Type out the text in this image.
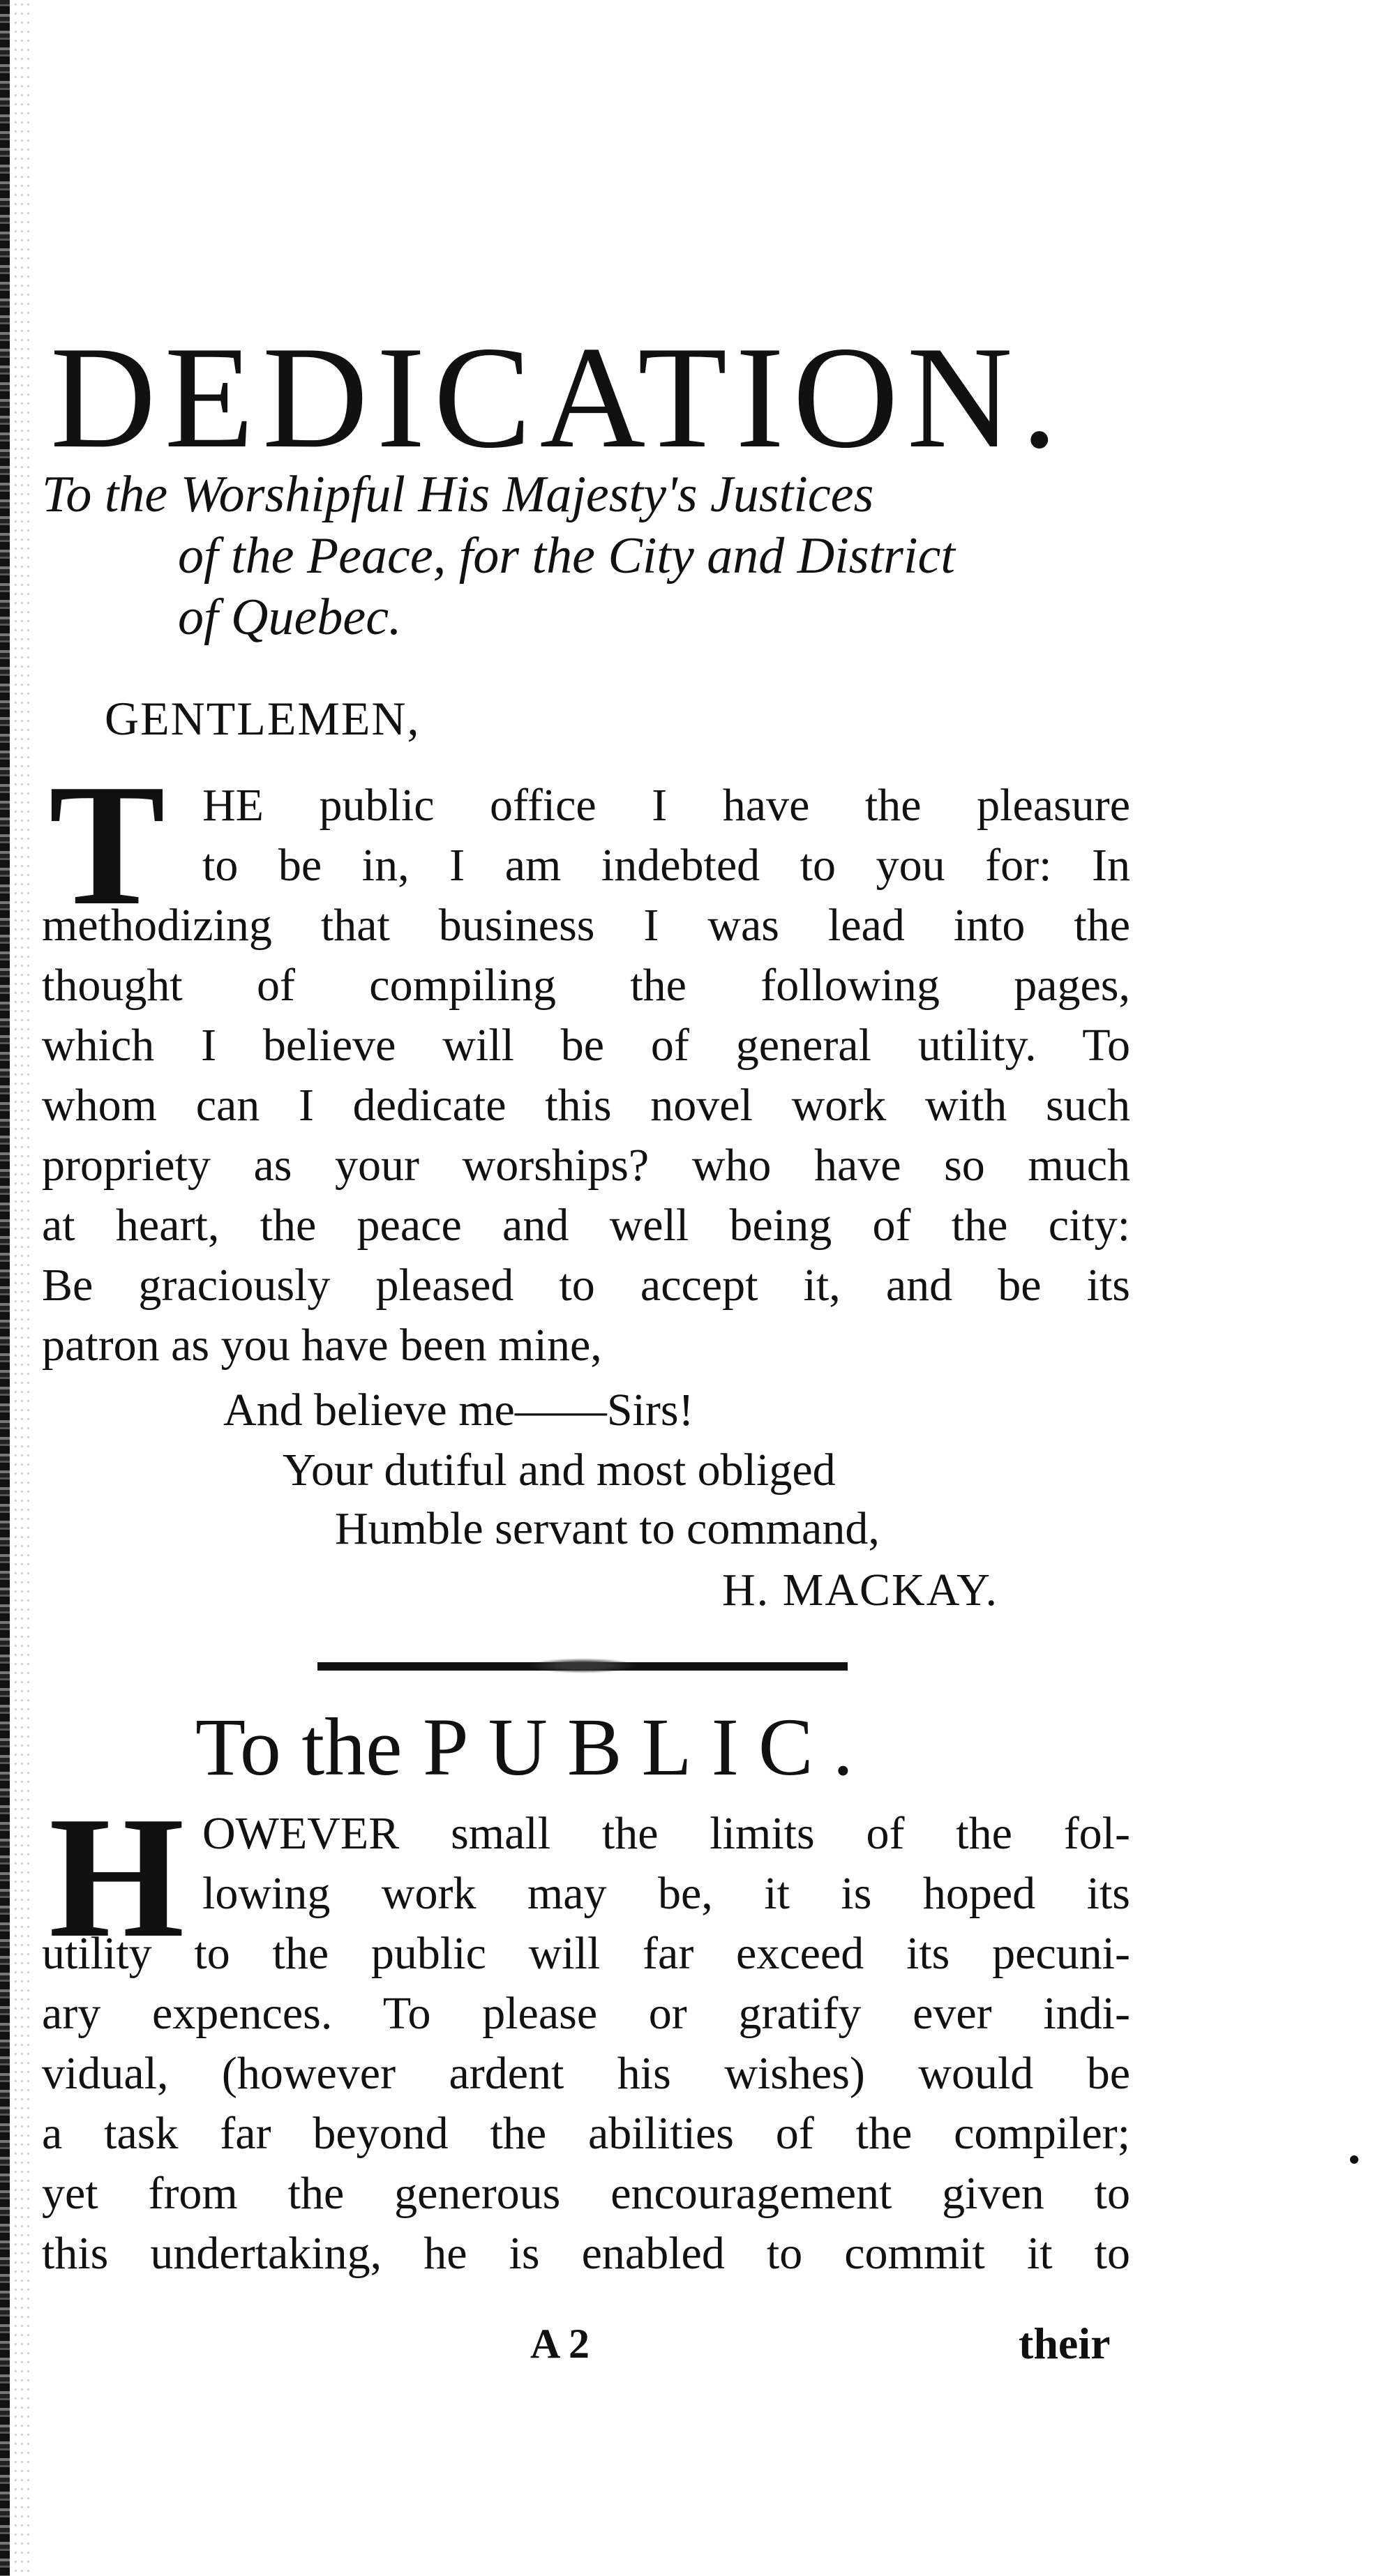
DEDICATION.
To the Worshipful His Majesty's Justices
of the Peace, for the City and District
of Quebec.
GENTLEMEN,
T HE public office I have the pleasure
to be in, I am indebted to you for: In
methodizing that business I was lead into the
thought of compiling the following pages,
which I believe will be of general utility. To
whom can I dedicate this novel work with such
propriety as your worships? who have so much
at heart, the peace and well being of the city:
Be graciously pleased to accept it, and be its
patron as you have been mine,
And believe me——Sirs!
Your dutiful and most obliged
Humble servant to command,
H. MACKAY.
To the PUBLIC.
H OWEVER small the limits of the fol-
lowing work may be, it is hoped its
utility to the public will far exceed its pecuni-
ary expences. To please or gratify ever indi-
vidual, (however ardent his wishes) would be
a task far beyond the abilities of the compiler;
yet from the generous encouragement given to
this undertaking, he is enabled to commit it to
A 2	their
